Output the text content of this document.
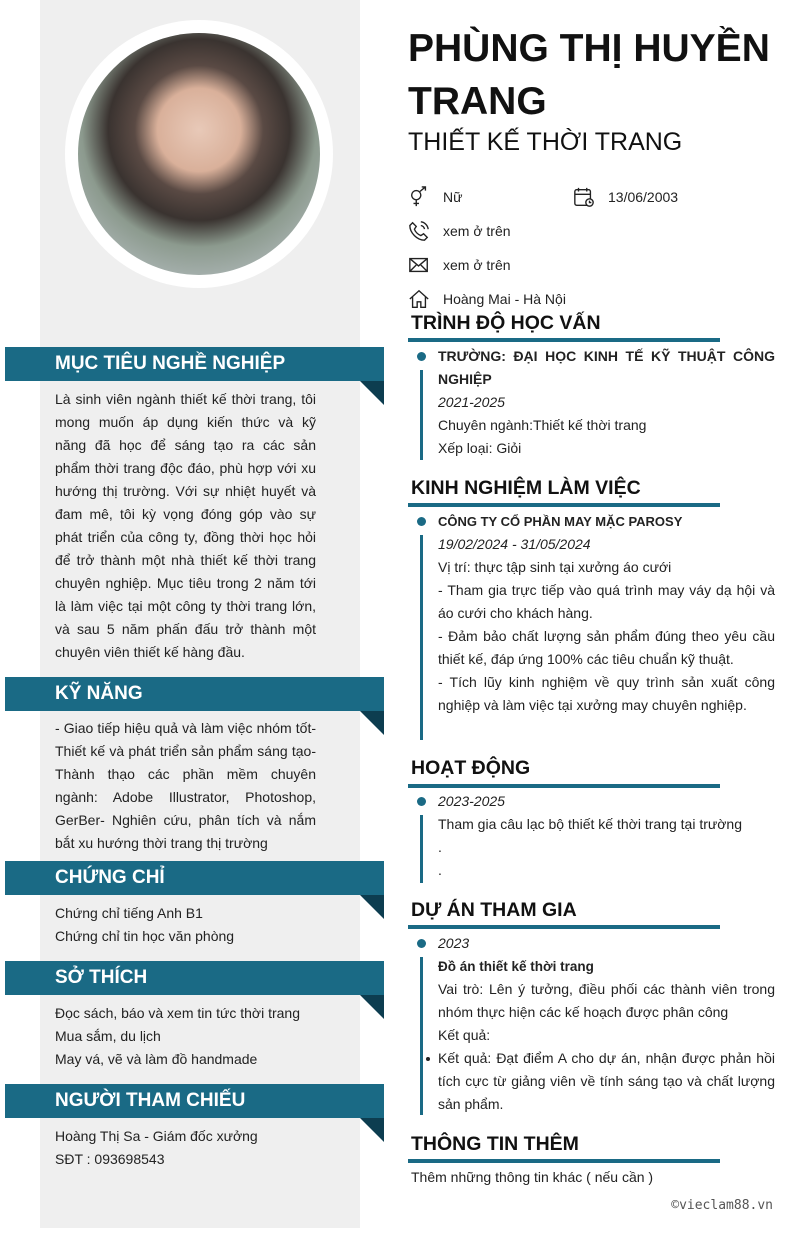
MỤC TIÊU NGHỀ NGHIỆP
Là sinh viên ngành thiết kế thời trang, tôi mong muốn áp dụng kiến thức và kỹ năng đã học để sáng tạo ra các sản phẩm thời trang độc đáo, phù hợp với xu hướng thị trường. Với sự nhiệt huyết và đam mê, tôi kỳ vọng đóng góp vào sự phát triển của công ty, đồng thời học hỏi để trở thành một nhà thiết kế thời trang chuyên nghiệp. Mục tiêu trong 2 năm tới là làm việc tại một công ty thời trang lớn, và sau 5 năm phấn đấu trở thành một chuyên viên thiết kế hàng đầu.
KỸ NĂNG
- Giao tiếp hiệu quả và làm việc nhóm tốt- Thiết kế và phát triển sản phẩm sáng tạo- Thành thạo các phần mềm chuyên ngành: Adobe Illustrator, Photoshop, GerBer- Nghiên cứu, phân tích và nắm bắt xu hướng thời trang thị trường
CHỨNG CHỈ
Chứng chỉ tiếng Anh B1
Chứng chỉ tin học văn phòng
SỞ THÍCH
Đọc sách, báo và xem tin tức thời trang
Mua sắm, du lịch
May vá, vẽ và làm đồ handmade
NGƯỜI THAM CHIẾU
Hoàng Thị Sa - Giám đốc xưởng
SĐT : 093698543
PHÙNG THỊ HUYỀN TRANG
THIẾT KẾ THỜI TRANG
Nữ	13/06/2003
xem ở trên
xem ở trên
Hoàng Mai - Hà Nội
TRÌNH ĐỘ HỌC VẤN
TRƯỜNG: ĐẠI HỌC KINH TẾ KỸ THUẬT CÔNG NGHIỆP
2021-2025
Chuyên ngành:Thiết kế thời trang
Xếp loại: Giỏi
KINH NGHIỆM LÀM VIỆC
CÔNG TY CỔ PHẦN MAY MẶC PAROSY
19/02/2024 - 31/05/2024
Vị trí: thực tập sinh tại xưởng áo cưới
- Tham gia trực tiếp vào quá trình may váy dạ hội và áo cưới cho khách hàng.
- Đảm bảo chất lượng sản phẩm đúng theo yêu cầu thiết kế, đáp ứng 100% các tiêu chuẩn kỹ thuật.
- Tích lũy kinh nghiệm về quy trình sản xuất công nghiệp và làm việc tại xưởng may chuyên nghiệp.
HOẠT ĐỘNG
2023-2025
Tham gia câu lạc bộ thiết kế thời trang tại trường
.
.
DỰ ÁN THAM GIA
2023
Đồ án thiết kế thời trang
Vai trò: Lên ý tưởng, điều phối các thành viên trong nhóm thực hiện các kế hoạch được phân công
Kết quả:
Kết quả: Đạt điểm A cho dự án, nhận được phản hồi tích cực từ giảng viên về tính sáng tạo và chất lượng sản phẩm.
THÔNG TIN THÊM
Thêm những thông tin khác ( nếu cần )
©vieclam88.vn
